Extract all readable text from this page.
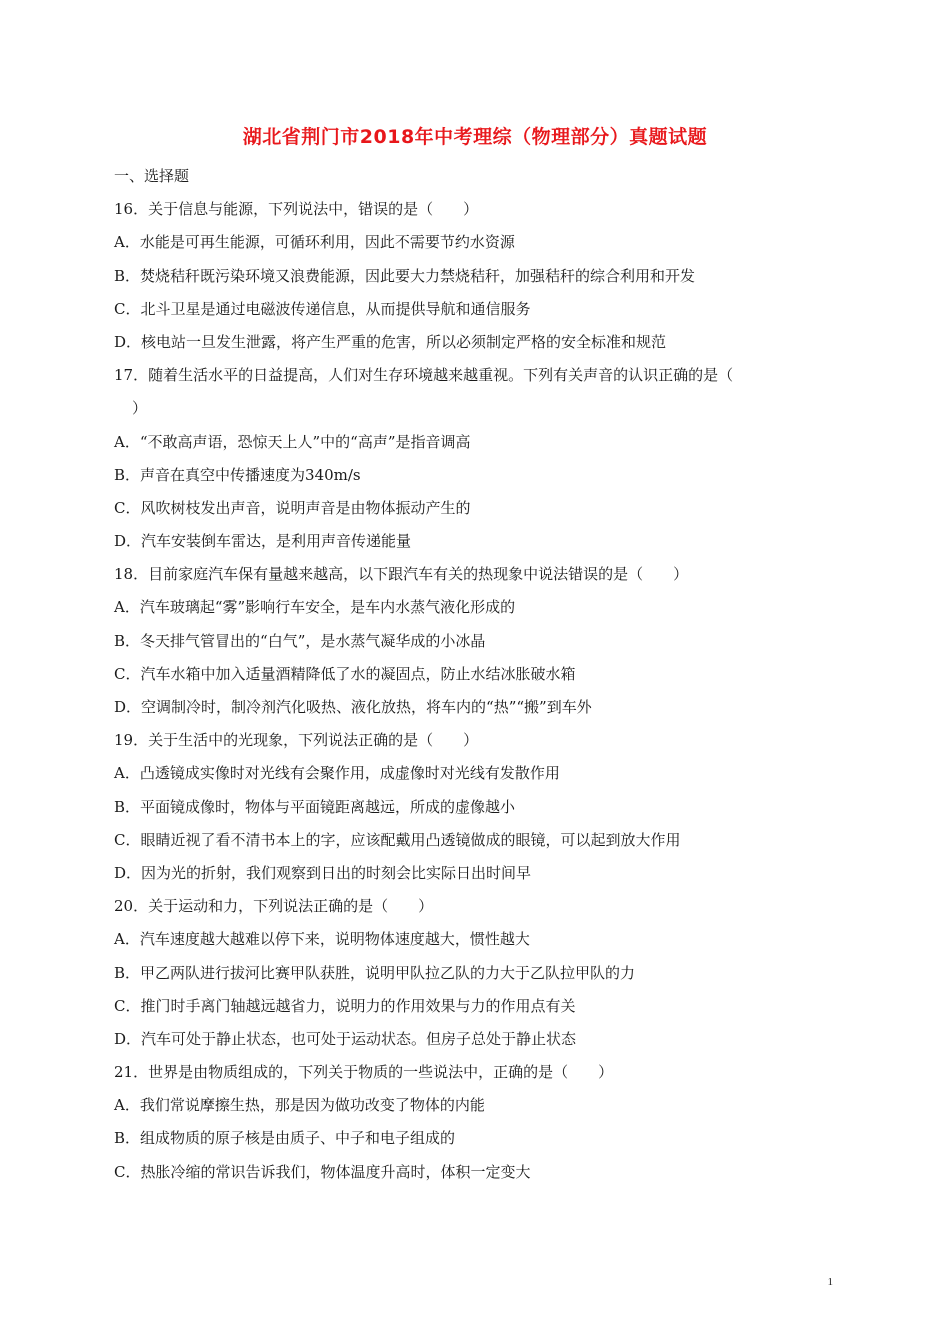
湖北省荆门市2018年中考理综（物理部分）真题试题
一、选择题
16．关于信息与能源，下列说法中，错误的是（　　）
A．水能是可再生能源，可循环利用，因此不需要节约水资源
B．焚烧秸秆既污染环境又浪费能源，因此要大力禁烧秸秆，加强秸秆的综合利用和开发
C．北斗卫星是通过电磁波传递信息，从而提供导航和通信服务
D．核电站一旦发生泄露，将产生严重的危害，所以必须制定严格的安全标准和规范
17．随着生活水平的日益提高，人们对生存环境越来越重视。下列有关声音的认识正确的是（
）
A．“不敢高声语，恐惊天上人”中的“高声”是指音调高
B．声音在真空中传播速度为340m/s
C．风吹树枝发出声音，说明声音是由物体振动产生的
D．汽车安装倒车雷达，是利用声音传递能量
18．目前家庭汽车保有量越来越高，以下跟汽车有关的热现象中说法错误的是（　　）
A．汽车玻璃起“雾”影响行车安全，是车内水蒸气液化形成的
B．冬天排气管冒出的“白气”，是水蒸气凝华成的小冰晶
C．汽车水箱中加入适量酒精降低了水的凝固点，防止水结冰胀破水箱
D．空调制冷时，制冷剂汽化吸热、液化放热，将车内的“热”“搬”到车外
19．关于生活中的光现象，下列说法正确的是（　　）
A．凸透镜成实像时对光线有会聚作用，成虚像时对光线有发散作用
B．平面镜成像时，物体与平面镜距离越远，所成的虚像越小
C．眼睛近视了看不清书本上的字，应该配戴用凸透镜做成的眼镜，可以起到放大作用
D．因为光的折射，我们观察到日出的时刻会比实际日出时间早
20．关于运动和力，下列说法正确的是（　　）
A．汽车速度越大越难以停下来，说明物体速度越大，惯性越大
B．甲乙两队进行拔河比赛甲队获胜，说明甲队拉乙队的力大于乙队拉甲队的力
C．推门时手离门轴越远越省力，说明力的作用效果与力的作用点有关
D．汽车可处于静止状态，也可处于运动状态。但房子总处于静止状态
21．世界是由物质组成的，下列关于物质的一些说法中，正确的是（　　）
A．我们常说摩擦生热，那是因为做功改变了物体的内能
B．组成物质的原子核是由质子、中子和电子组成的
C．热胀冷缩的常识告诉我们，物体温度升高时，体积一定变大
1
